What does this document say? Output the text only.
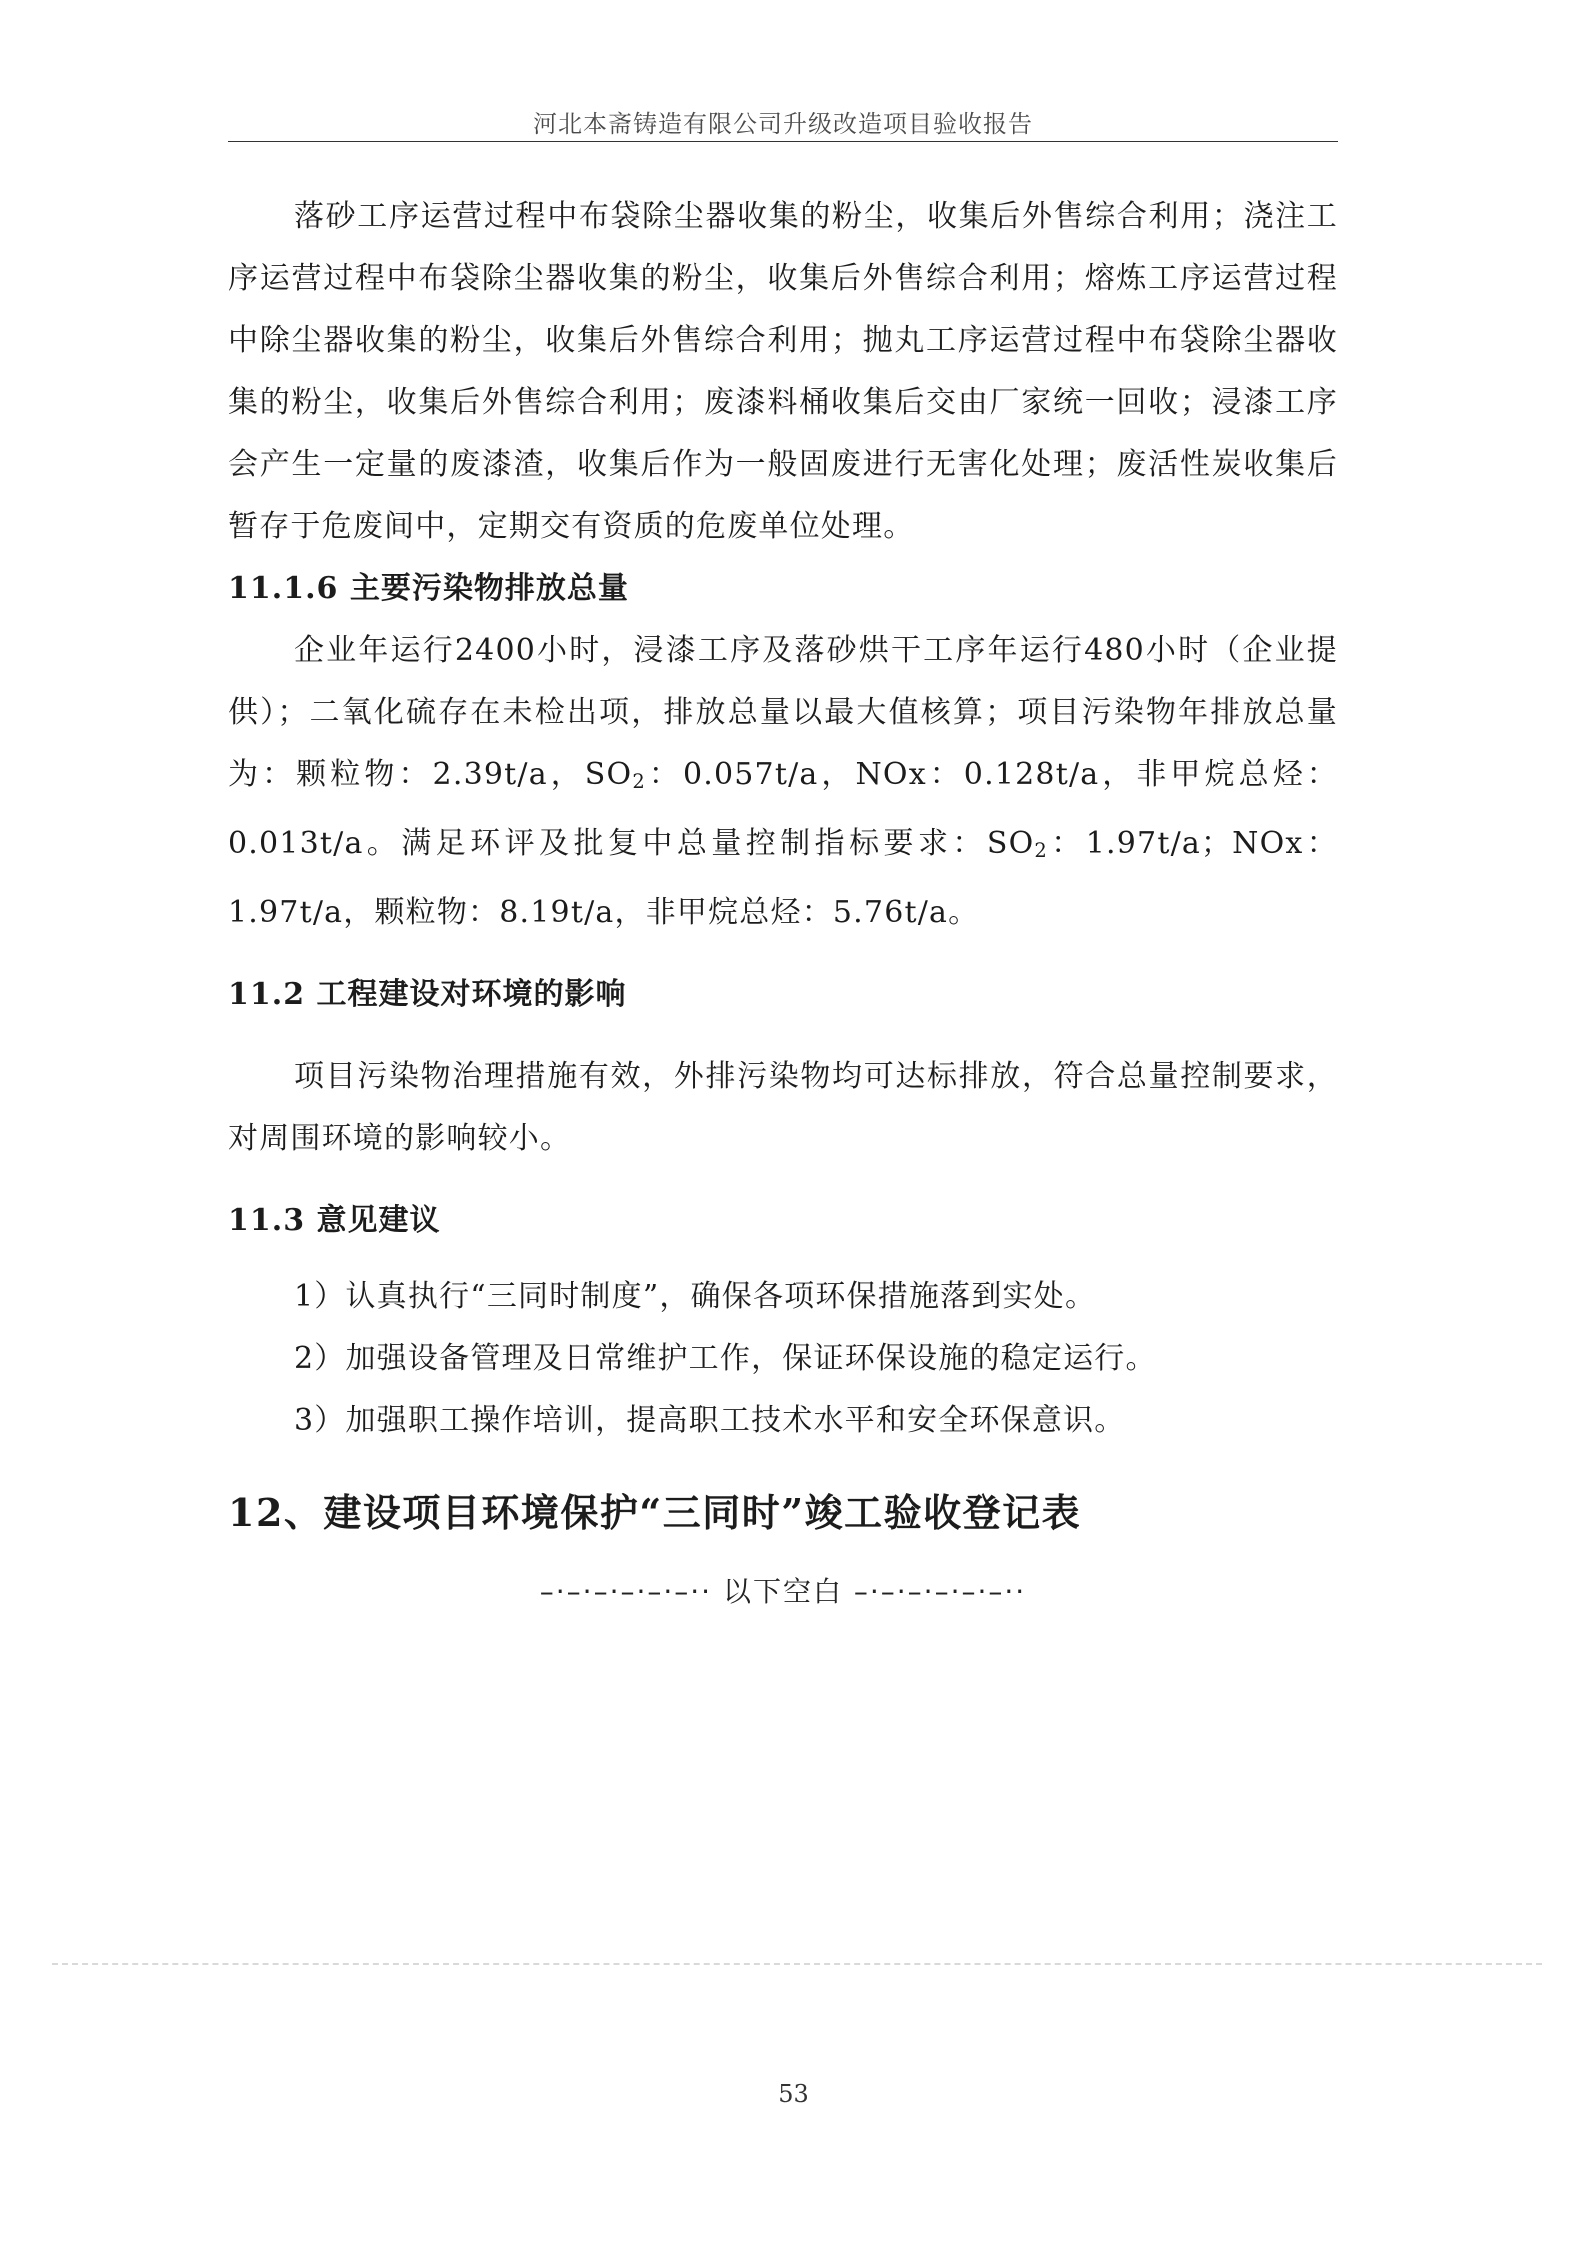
河北本斋铸造有限公司升级改造项目验收报告

落砂工序运营过程中布袋除尘器收集的粉尘，收集后外售综合利用；浇注工序运营过程中布袋除尘器收集的粉尘，收集后外售综合利用；熔炼工序运营过程中除尘器收集的粉尘，收集后外售综合利用；抛丸工序运营过程中布袋除尘器收集的粉尘，收集后外售综合利用；废漆料桶收集后交由厂家统一回收；浸漆工序会产生一定量的废漆渣，收集后作为一般固废进行无害化处理；废活性炭收集后暂存于危废间中，定期交有资质的危废单位处理。

11.1.6 主要污染物排放总量

企业年运行2400小时，浸漆工序及落砂烘干工序年运行480小时（企业提供）；二氧化硫存在未检出项，排放总量以最大值核算；项目污染物年排放总量为：颗粒物：2.39t/a，$SO_2$：0.057t/a，NOx：0.128t/a，非甲烷总烃：0.013t/a。满足环评及批复中总量控制指标要求：$SO_2$：1.97t/a；NOx：1.97t/a，颗粒物：8.19t/a，非甲烷总烃：5.76t/a。

11.2 工程建设对环境的影响

项目污染物治理措施有效，外排污染物均可达标排放，符合总量控制要求，对周围环境的影响较小。

11.3 意见建议

1）认真执行“三同时制度”，确保各项环保措施落到实处。

2）加强设备管理及日常维护工作，保证环保设施的稳定运行。

3）加强职工操作培训，提高职工技术水平和安全环保意识。

12、建设项目环境保护“三同时”竣工验收登记表

–·–·–·–·–·–·· 以下空白 –·–·–·–·–·–··

53
